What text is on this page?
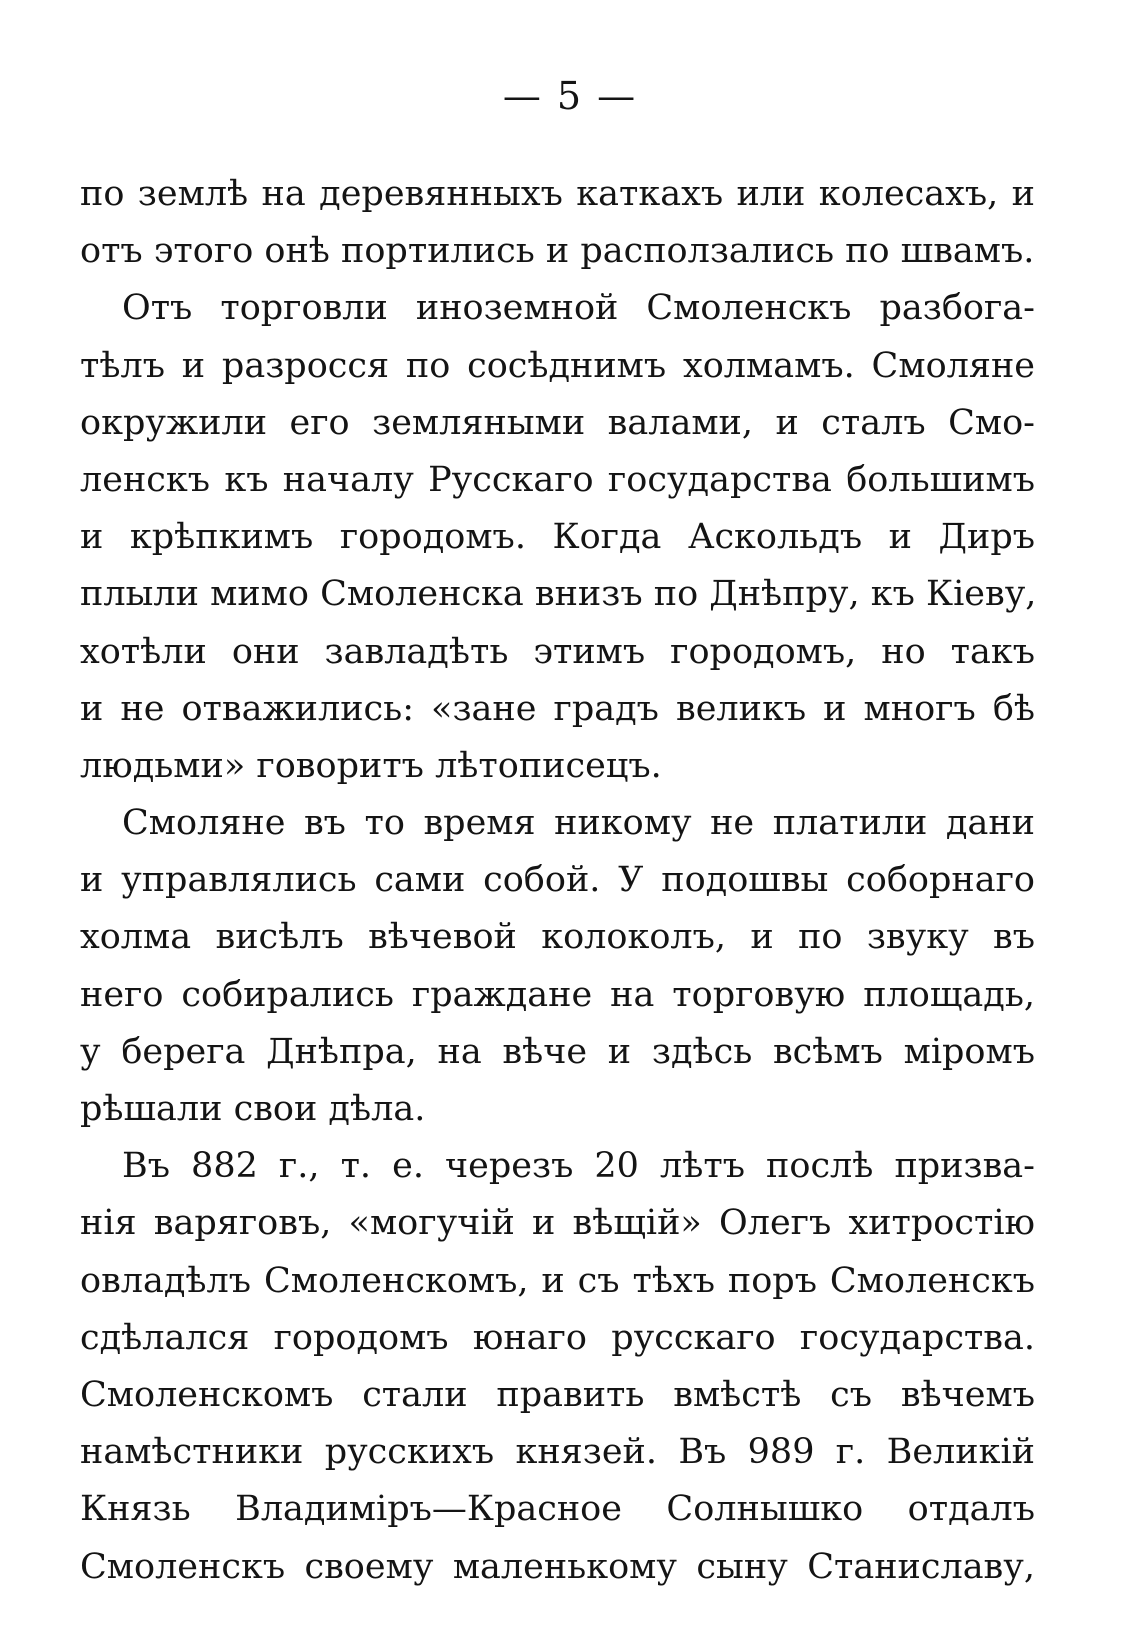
— 5 —
по землѣ на деревянныхъ каткахъ или колесахъ, и
отъ этого онѣ портились и расползались по швамъ.
Отъ торговли иноземной Смоленскъ разбога-
тѣлъ и разросся по сосѣднимъ холмамъ. Смоляне
окружили его земляными валами, и сталъ Смо-
ленскъ къ началу Русскаго государства большимъ
и крѣпкимъ городомъ. Когда Аскольдъ и Диръ
плыли мимо Смоленска внизъ по Днѣпру, къ Кіеву,
хотѣли они завладѣть этимъ городомъ, но такъ
и не отважились: «зане градъ великъ и многъ бѣ
людьми» говоритъ лѣтописецъ.
Смоляне въ то время никому не платили дани
и управлялись сами собой. У подошвы соборнаго
холма висѣлъ вѣчевой колоколъ, и по звуку въ
него собирались граждане на торговую площадь,
у берега Днѣпра, на вѣче и здѣсь всѣмъ міромъ
рѣшали свои дѣла.
Въ 882 г., т. е. черезъ 20 лѣтъ послѣ призва-
нія варяговъ, «могучій и вѣщій» Олегъ хитростію
овладѣлъ Смоленскомъ, и съ тѣхъ поръ Смоленскъ
сдѣлался городомъ юнаго русскаго государства.
Смоленскомъ стали править вмѣстѣ съ вѣчемъ
намѣстники русскихъ князей. Въ 989 г. Великій
Князь Владиміръ—Красное Солнышко отдалъ
Смоленскъ своему маленькому сыну Станиславу,
